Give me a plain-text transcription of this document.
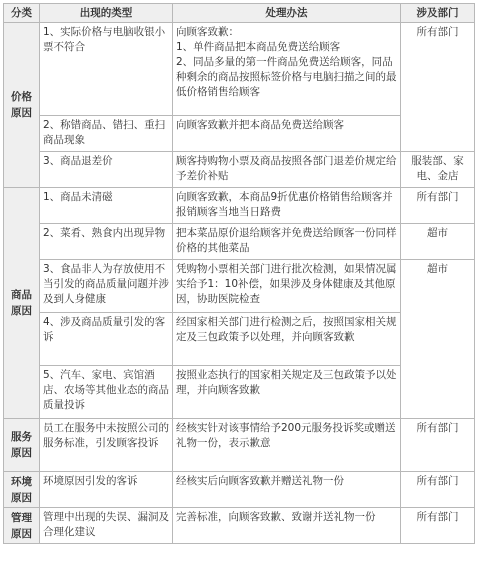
分类	出现的类型	处理办法	涉及部门
价格原因	1、实际价格与电脑收银小票不符合	向顾客致歉：
1、单件商品把本商品免费送给顾客
2、同品多量的第一件商品免费送给顾客，同品种剩余的商品按照标签价格与电脑扫描之间的最低价格销售给顾客	所有部门
	2、称错商品、错扫、重扫商品现象	向顾客致歉并把本商品免费送给顾客	
	3、商品退差价	顾客持购物小票及商品按照各部门退差价规定给予差价补贴	服装部、家电、金店
商品原因	1、商品未清磁	向顾客致歉，本商品9折优惠价格销售给顾客并报销顾客当地当日路费	所有部门
	2、菜肴、熟食内出现异物	把本菜品原价退给顾客并免费送给顾客一份同样价格的其他菜品	超市
	3、食品非人为存放使用不当引发的商品质量问题并涉及到人身健康	凭购物小票相关部门进行批次检测，如果情况属实给予1：10补偿，如果涉及身体健康及其他原因，协助医院检查	超市
	4、涉及商品质量引发的客诉	经国家相关部门进行检测之后，按照国家相关规定及三包政策予以处理，并向顾客致歉	
	5、汽车、家电、宾馆酒店、农场等其他业态的商品质量投诉	按照业态执行的国家相关规定及三包政策予以处理，并向顾客致歉	
服务原因	员工在服务中未按照公司的服务标准，引发顾客投诉	经核实针对该事情给予200元服务投诉奖或赠送礼物一份，表示歉意	所有部门
环境原因	环境原因引发的客诉	经核实后向顾客致歉并赠送礼物一份	所有部门
管理原因	管理中出现的失误、漏洞及合理化建议	完善标准，向顾客致歉、致谢并送礼物一份	所有部门
